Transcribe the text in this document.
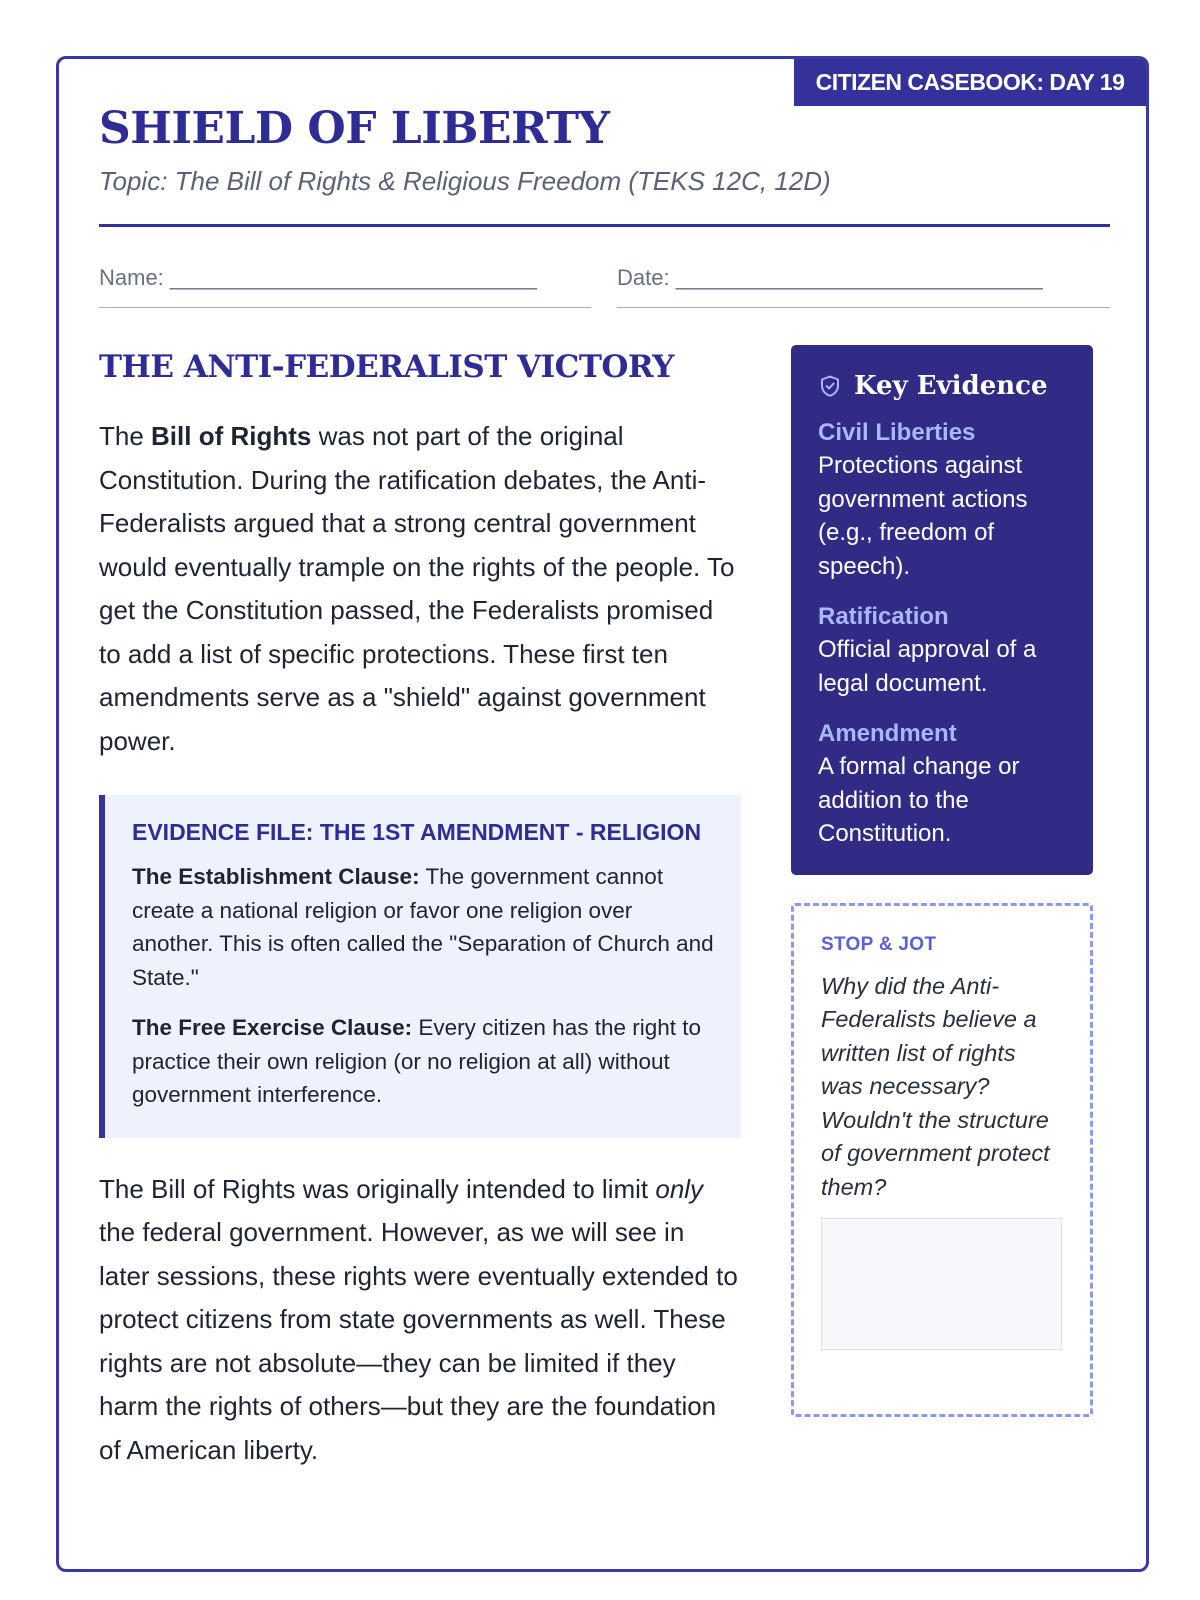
CITIZEN CASEBOOK: DAY 19
SHIELD OF LIBERTY
Topic: The Bill of Rights & Religious Freedom (TEKS 12C, 12D)
Name: ______________________________	Date: ______________________________
THE ANTI-FEDERALIST VICTORY

The Bill of Rights was not part of the original Constitution. During the ratification debates, the Anti-Federalists argued that a strong central government would eventually trample on the rights of the people. To get the Constitution passed, the Federalists promised to add a list of specific protections. These first ten amendments serve as a "shield" against government power.

EVIDENCE FILE: THE 1ST AMENDMENT - RELIGION
The Establishment Clause: The government cannot create a national religion or favor one religion over another. This is often called the "Separation of Church and State."
The Free Exercise Clause: Every citizen has the right to practice their own religion (or no religion at all) without government interference.

The Bill of Rights was originally intended to limit only the federal government. However, as we will see in later sessions, these rights were eventually extended to protect citizens from state governments as well. These rights are not absolute—they can be limited if they harm the rights of others—but they are the foundation of American liberty.

Key Evidence
Civil Liberties
Protections against government actions (e.g., freedom of speech).
Ratification
Official approval of a legal document.
Amendment
A formal change or addition to the Constitution.
STOP & JOT
Why did the Anti-Federalists believe a written list of rights was necessary? Wouldn't the structure of government protect them?
